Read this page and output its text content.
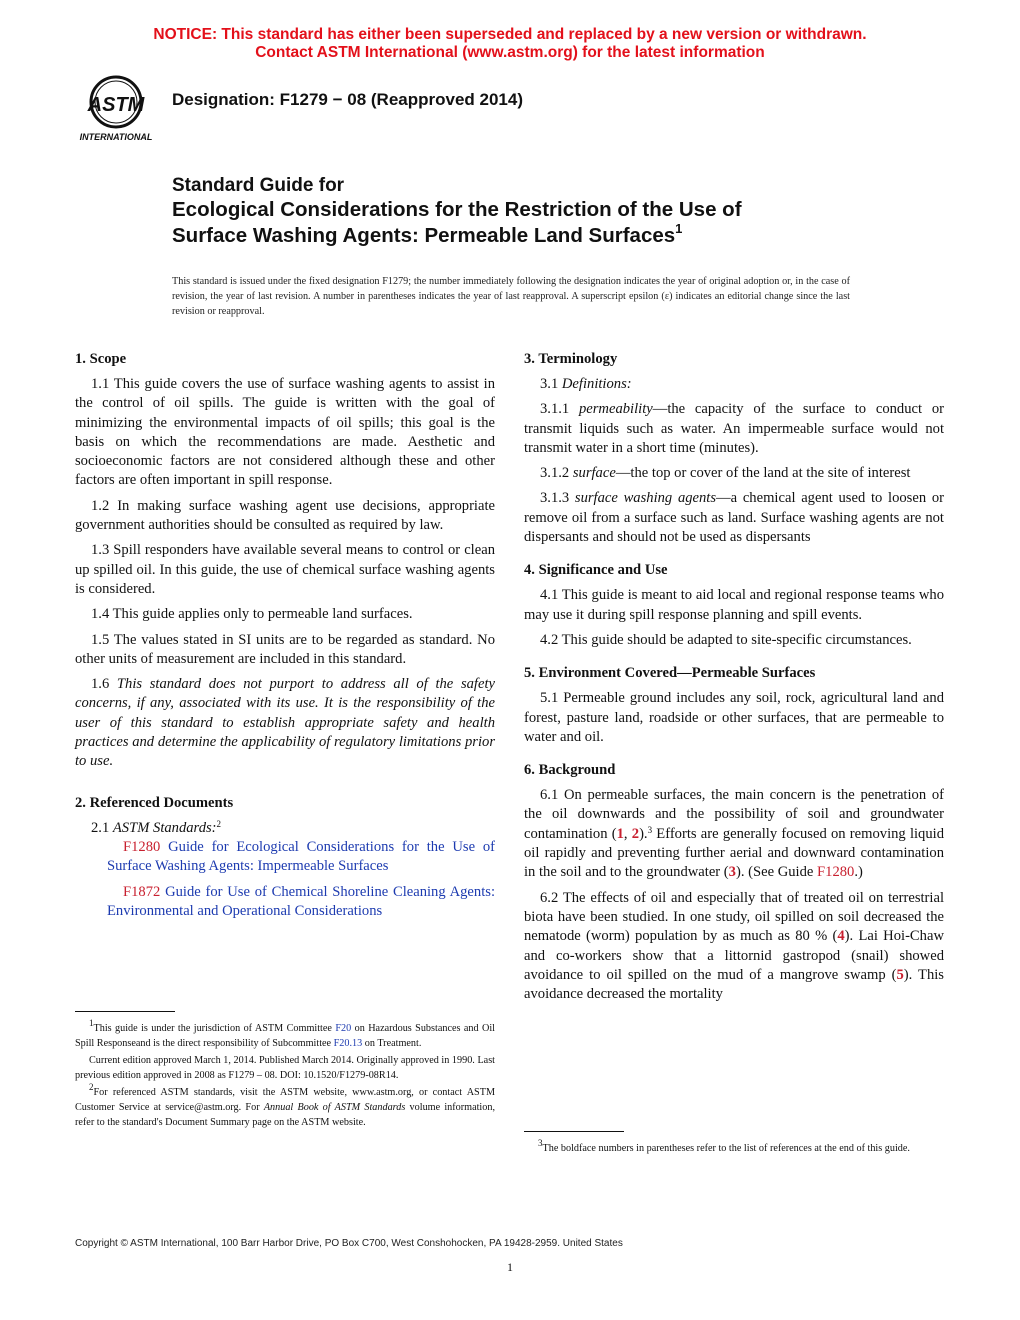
NOTICE: This standard has either been superseded and replaced by a new version or withdrawn.
Contact ASTM International (www.astm.org) for the latest information
ASTM
INTERNATIONAL
Designation: F1279 − 08 (Reapproved 2014)
Standard Guide for
Ecological Considerations for the Restriction of the Use of
Surface Washing Agents: Permeable Land Surfaces$^1$
This standard is issued under the fixed designation F1279; the number immediately following the designation indicates the year of original adoption or, in the case of revision, the year of last revision. A number in parentheses indicates the year of last reapproval. A superscript epsilon (ε) indicates an editorial change since the last revision or reapproval.
1. Scope

1.1 This guide covers the use of surface washing agents to assist in the control of oil spills. The guide is written with the goal of minimizing the environmental impacts of oil spills; this goal is the basis on which the recommendations are made. Aesthetic and socioeconomic factors are not considered although these and other factors are often important in spill response.

1.2 In making surface washing agent use decisions, appropriate government authorities should be consulted as required by law.

1.3 Spill responders have available several means to control or clean up spilled oil. In this guide, the use of chemical surface washing agents is considered.

1.4 This guide applies only to permeable land surfaces.

1.5 The values stated in SI units are to be regarded as standard. No other units of measurement are included in this standard.

1.6 This standard does not purport to address all of the safety concerns, if any, associated with its use. It is the responsibility of the user of this standard to establish appropriate safety and health practices and determine the applicability of regulatory limitations prior to use.

2. Referenced Documents

2.1 ASTM Standards:$^2$

F1280 Guide for Ecological Considerations for the Use of Surface Washing Agents: Impermeable Surfaces

F1872 Guide for Use of Chemical Shoreline Cleaning Agents: Environmental and Operational Considerations

3. Terminology

3.1 Definitions:

3.1.1 permeability—the capacity of the surface to conduct or transmit liquids such as water. An impermeable surface would not transmit water in a short time (minutes).

3.1.2 surface—the top or cover of the land at the site of interest

3.1.3 surface washing agents—a chemical agent used to loosen or remove oil from a surface such as land. Surface washing agents are not dispersants and should not be used as dispersants

4. Significance and Use

4.1 This guide is meant to aid local and regional response teams who may use it during spill response planning and spill events.

4.2 This guide should be adapted to site-specific circumstances.

5. Environment Covered—Permeable Surfaces

5.1 Permeable ground includes any soil, rock, agricultural land and forest, pasture land, roadside or other surfaces, that are permeable to water and oil.

6. Background

6.1 On permeable surfaces, the main concern is the penetration of the oil downwards and the possibility of soil and groundwater contamination (1, 2).$^3$ Efforts are generally focused on removing liquid oil rapidly and preventing further aerial and downward contamination in the soil and to the groundwater (3). (See Guide F1280.)

6.2 The effects of oil and especially that of treated oil on terrestrial biota have been studied. In one study, oil spilled on soil decreased the nematode (worm) population by as much as 80 % (4). Lai Hoi-Chaw and co-workers show that a littornid gastropod (snail) showed avoidance to oil spilled on the mud of a mangrove swamp (5). This avoidance decreased the mortality

$^1$This guide is under the jurisdiction of ASTM Committee F20 on Hazardous Substances and Oil Spill Responseand is the direct responsibility of Subcommittee F20.13 on Treatment.

Current edition approved March 1, 2014. Published March 2014. Originally approved in 1990. Last previous edition approved in 2008 as F1279 – 08. DOI: 10.1520/F1279-08R14.

$^2$For referenced ASTM standards, visit the ASTM website, www.astm.org, or contact ASTM Customer Service at service@astm.org. For Annual Book of ASTM Standards volume information, refer to the standard's Document Summary page on the ASTM website.

$^3$The boldface numbers in parentheses refer to the list of references at the end of this guide.

Copyright © ASTM International, 100 Barr Harbor Drive, PO Box C700, West Conshohocken, PA 19428-2959. United States
1
